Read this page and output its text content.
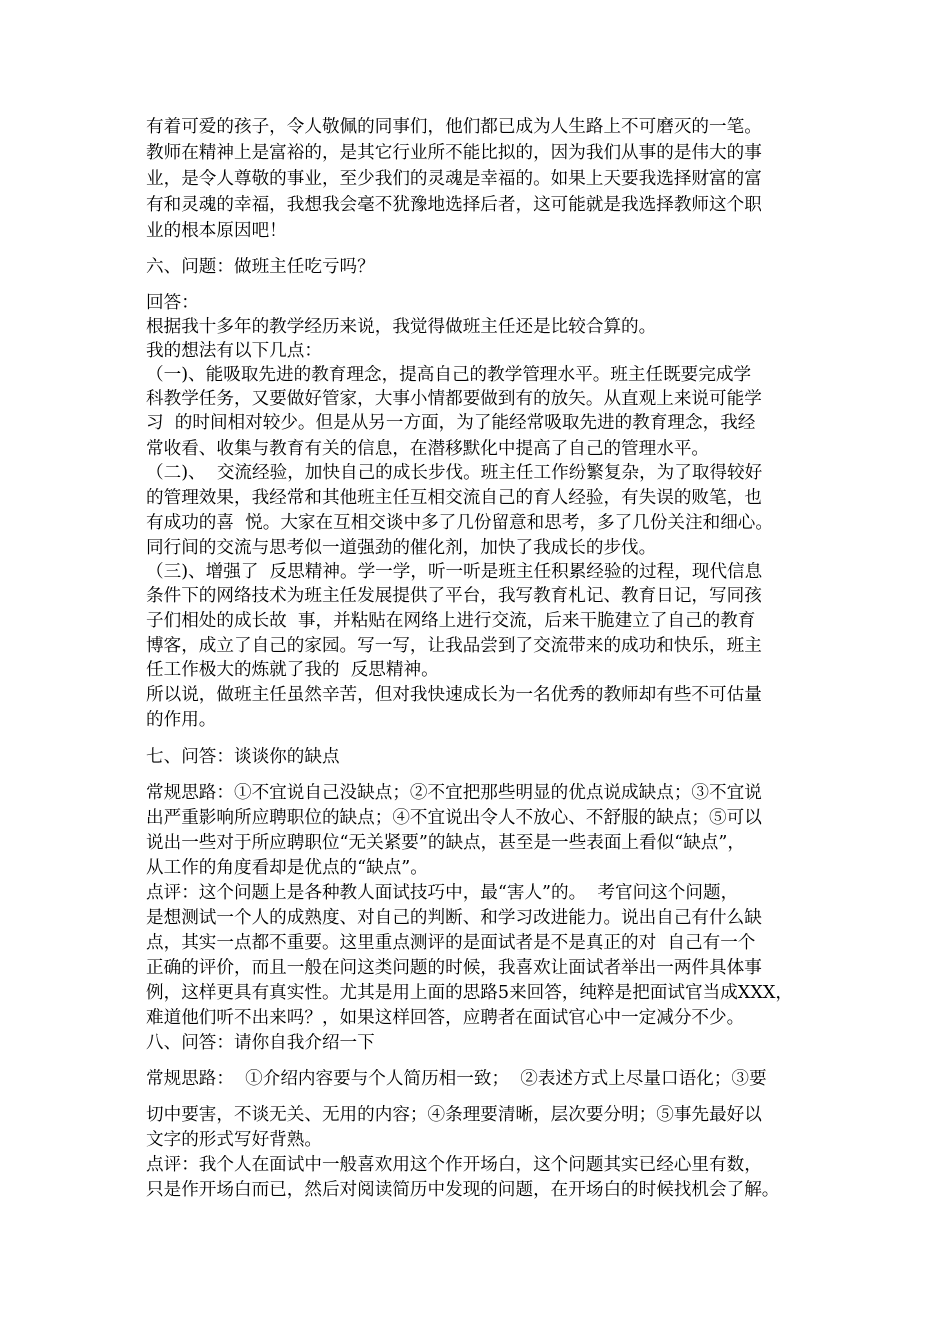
有着可爱的孩子，令人敬佩的同事们，他们都已成为人生路上不可磨灭的一笔。
教师在精神上是富裕的，是其它行业所不能比拟的，因为我们从事的是伟大的事
业，是令人尊敬的事业，至少我们的灵魂是幸福的。如果上天要我选择财富的富
有和灵魂的幸福，我想我会毫不犹豫地选择后者，这可能就是我选择教师这个职
业的根本原因吧！
六、问题：做班主任吃亏吗？
回答：
根据我十多年的教学经历来说，我觉得做班主任还是比较合算的。
我的想法有以下几点：
（一)、能吸取先进的教育理念，提高自己的教学管理水平。班主任既要完成学
科教学任务，又要做好管家，大事小情都要做到有的放矢。从直观上来说可能学
习  的时间相对较少。但是从另一方面，为了能经常吸取先进的教育理念，我经
常收看、收集与教育有关的信息，在潜移默化中提高了自己的管理水平。
（二)、  交流经验，加快自己的成长步伐。班主任工作纷繁复杂，为了取得较好
的管理效果，我经常和其他班主任互相交流自己的育人经验，有失误的败笔，也
有成功的喜  悦。大家在互相交谈中多了几份留意和思考，多了几份关注和细心。
同行间的交流与思考似一道强劲的催化剂，加快了我成长的步伐。
（三)、增强了  反思精神。学一学，听一听是班主任积累经验的过程，现代信息
条件下的网络技术为班主任发展提供了平台，我写教育札记、教育日记，写同孩
子们相处的成长故  事，并粘贴在网络上进行交流，后来干脆建立了自己的教育
博客，成立了自己的家园。写一写，让我品尝到了交流带来的成功和快乐，班主
任工作极大的炼就了我的  反思精神。
所以说，做班主任虽然辛苦，但对我快速成长为一名优秀的教师却有些不可估量
的作用。
七、问答：谈谈你的缺点
常规思路：①不宜说自己没缺点；②不宜把那些明显的优点说成缺点；③不宜说
出严重影响所应聘职位的缺点；④不宜说出令人不放心、不舒服的缺点；⑤可以
说出一些对于所应聘职位“无关紧要”的缺点，甚至是一些表面上看似“缺点”，
从工作的角度看却是优点的“缺点”。
点评：这个问题上是各种教人面试技巧中，最“害人”的。  考官问这个问题，
是想测试一个人的成熟度、对自己的判断、和学习改进能力。说出自己有什么缺
点，其实一点都不重要。这里重点测评的是面试者是不是真正的对  自己有一个
正确的评价，而且一般在问这类问题的时候，我喜欢让面试者举出一两件具体事
例，这样更具有真实性。尤其是用上面的思路5来回答，纯粹是把面试官当成XXX，
难道他们听不出来吗？，如果这样回答，应聘者在面试官心中一定减分不少。
八、问答：请你自我介绍一下
常规思路：  ①介绍内容要与个人简历相一致；  ②表述方式上尽量口语化；③要
切中要害，不谈无关、无用的内容；④条理要清晰，层次要分明；⑤事先最好以
文字的形式写好背熟。
点评：我个人在面试中一般喜欢用这个作开场白，这个问题其实已经心里有数，
只是作开场白而已，然后对阅读简历中发现的问题，在开场白的时候找机会了解。
